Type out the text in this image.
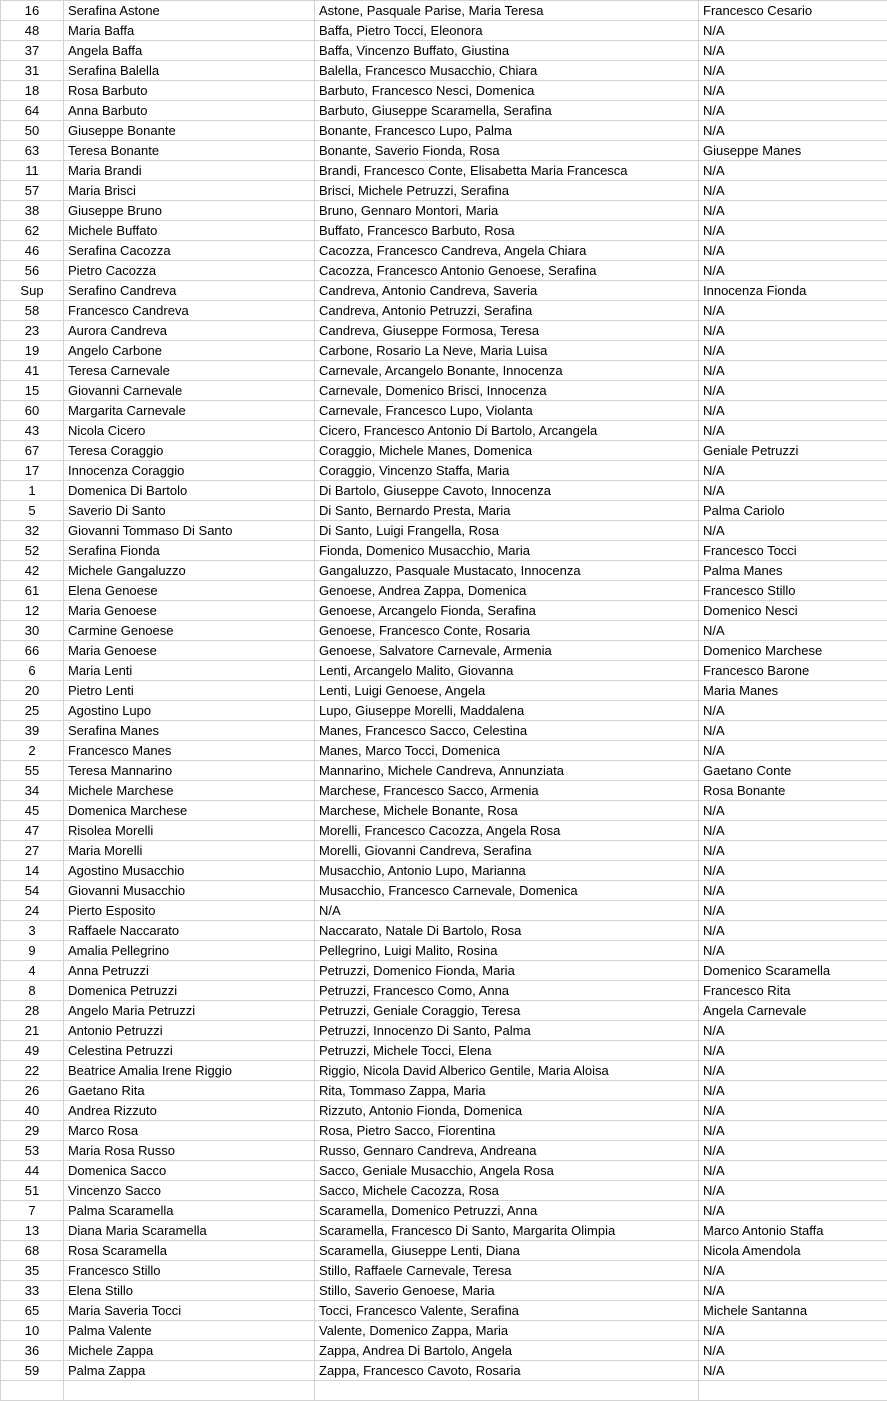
16	Serafina Astone	Astone, Pasquale Parise, Maria Teresa	Francesco Cesario
48	Maria Baffa	Baffa, Pietro Tocci, Eleonora	N/A
37	Angela Baffa	Baffa, Vincenzo Buffato, Giustina	N/A
31	Serafina Balella	Balella, Francesco Musacchio, Chiara	N/A
18	Rosa Barbuto	Barbuto, Francesco Nesci, Domenica	N/A
64	Anna Barbuto	Barbuto, Giuseppe Scaramella, Serafina	N/A
50	Giuseppe Bonante	Bonante, Francesco Lupo, Palma	N/A
63	Teresa Bonante	Bonante, Saverio Fionda, Rosa	Giuseppe Manes
11	Maria Brandi	Brandi, Francesco Conte, Elisabetta Maria Francesca	N/A
57	Maria Brisci	Brisci, Michele Petruzzi, Serafina	N/A
38	Giuseppe Bruno	Bruno, Gennaro Montori, Maria	N/A
62	Michele Buffato	Buffato, Francesco Barbuto, Rosa	N/A
46	Serafina Cacozza	Cacozza, Francesco Candreva, Angela Chiara	N/A
56	Pietro Cacozza	Cacozza, Francesco Antonio Genoese, Serafina	N/A
Sup	Serafino Candreva	Candreva, Antonio Candreva, Saveria	Innocenza Fionda
58	Francesco Candreva	Candreva, Antonio Petruzzi, Serafina	N/A
23	Aurora Candreva	Candreva, Giuseppe Formosa, Teresa	N/A
19	Angelo Carbone	Carbone, Rosario La Neve, Maria Luisa	N/A
41	Teresa Carnevale	Carnevale, Arcangelo Bonante, Innocenza	N/A
15	Giovanni Carnevale	Carnevale, Domenico Brisci, Innocenza	N/A
60	Margarita Carnevale	Carnevale, Francesco Lupo, Violanta	N/A
43	Nicola Cicero	Cicero, Francesco Antonio Di Bartolo, Arcangela	N/A
67	Teresa Coraggio	Coraggio, Michele Manes, Domenica	Geniale Petruzzi
17	Innocenza Coraggio	Coraggio, Vincenzo Staffa, Maria	N/A
1	Domenica Di Bartolo	Di Bartolo, Giuseppe Cavoto, Innocenza	N/A
5	Saverio Di Santo	Di Santo, Bernardo Presta, Maria	Palma Cariolo
32	Giovanni Tommaso Di Santo	Di Santo, Luigi Frangella, Rosa	N/A
52	Serafina Fionda	Fionda, Domenico Musacchio, Maria	Francesco Tocci
42	Michele Gangaluzzo	Gangaluzzo, Pasquale Mustacato, Innocenza	Palma Manes
61	Elena Genoese	Genoese, Andrea Zappa, Domenica	Francesco Stillo
12	Maria Genoese	Genoese, Arcangelo Fionda, Serafina	Domenico Nesci
30	Carmine Genoese	Genoese, Francesco Conte, Rosaria	N/A
66	Maria Genoese	Genoese, Salvatore Carnevale, Armenia	Domenico Marchese
6	Maria Lenti	Lenti, Arcangelo Malito, Giovanna	Francesco Barone
20	Pietro Lenti	Lenti, Luigi Genoese, Angela	Maria Manes
25	Agostino Lupo	Lupo, Giuseppe Morelli, Maddalena	N/A
39	Serafina Manes	Manes, Francesco Sacco, Celestina	N/A
2	Francesco Manes	Manes, Marco Tocci, Domenica	N/A
55	Teresa Mannarino	Mannarino, Michele Candreva, Annunziata	Gaetano Conte
34	Michele Marchese	Marchese, Francesco Sacco, Armenia	Rosa Bonante
45	Domenica Marchese	Marchese, Michele Bonante, Rosa	N/A
47	Risolea Morelli	Morelli, Francesco Cacozza, Angela Rosa	N/A
27	Maria Morelli	Morelli, Giovanni Candreva, Serafina	N/A
14	Agostino Musacchio	Musacchio, Antonio Lupo, Marianna	N/A
54	Giovanni Musacchio	Musacchio, Francesco Carnevale, Domenica	N/A
24	Pierto Esposito	N/A	N/A
3	Raffaele Naccarato	Naccarato, Natale Di Bartolo, Rosa	N/A
9	Amalia Pellegrino	Pellegrino, Luigi Malito, Rosina	N/A
4	Anna Petruzzi	Petruzzi, Domenico Fionda, Maria	Domenico Scaramella
8	Domenica Petruzzi	Petruzzi, Francesco Como, Anna	Francesco Rita
28	Angelo Maria Petruzzi	Petruzzi, Geniale Coraggio, Teresa	Angela Carnevale
21	Antonio Petruzzi	Petruzzi, Innocenzo Di Santo, Palma	N/A
49	Celestina Petruzzi	Petruzzi, Michele Tocci, Elena	N/A
22	Beatrice Amalia Irene Riggio	Riggio, Nicola David Alberico Gentile, Maria Aloisa	N/A
26	Gaetano Rita	Rita, Tommaso Zappa, Maria	N/A
40	Andrea Rizzuto	Rizzuto, Antonio Fionda, Domenica	N/A
29	Marco Rosa	Rosa, Pietro Sacco, Fiorentina	N/A
53	Maria Rosa Russo	Russo, Gennaro Candreva, Andreana	N/A
44	Domenica Sacco	Sacco, Geniale Musacchio, Angela Rosa	N/A
51	Vincenzo Sacco	Sacco, Michele Cacozza, Rosa	N/A
7	Palma Scaramella	Scaramella, Domenico Petruzzi, Anna	N/A
13	Diana Maria Scaramella	Scaramella, Francesco Di Santo, Margarita Olimpia	Marco Antonio Staffa
68	Rosa Scaramella	Scaramella, Giuseppe Lenti, Diana	Nicola Amendola
35	Francesco Stillo	Stillo, Raffaele Carnevale, Teresa	N/A
33	Elena Stillo	Stillo, Saverio Genoese, Maria	N/A
65	Maria Saveria Tocci	Tocci, Francesco Valente, Serafina	Michele Santanna
10	Palma Valente	Valente, Domenico Zappa, Maria	N/A
36	Michele Zappa	Zappa, Andrea Di Bartolo, Angela	N/A
59	Palma Zappa	Zappa, Francesco Cavoto, Rosaria	N/A
